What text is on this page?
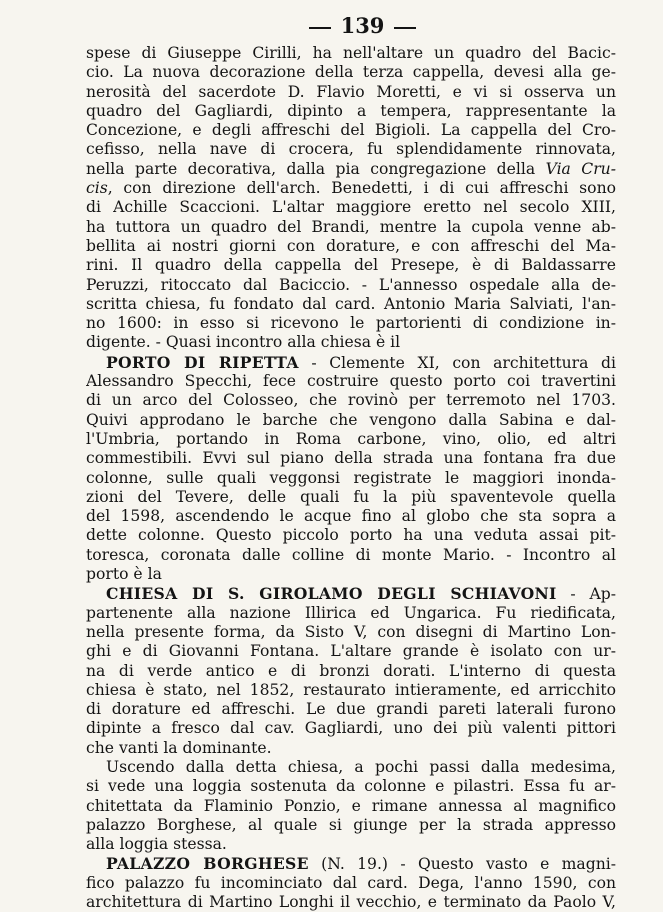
139
spese di Giuseppe Cirilli, ha nell'altare un quadro del Bacic-
cio. La nuova decorazione della terza cappella, devesi alla ge-
nerosità del sacerdote D. Flavio Moretti, e vi si osserva un
quadro del Gagliardi, dipinto a tempera, rappresentante la
Concezione, e degli affreschi del Bigioli. La cappella del Cro-
cefisso, nella nave di crocera, fu splendidamente rinnovata,
nella parte decorativa, dalla pia congregazione della Via Cru-
cis, con direzione dell'arch. Benedetti, i di cui affreschi sono
di Achille Scaccioni. L'altar maggiore eretto nel secolo XIII,
ha tuttora un quadro del Brandi, mentre la cupola venne ab-
bellita ai nostri giorni con dorature, e con affreschi del Ma-
rini. Il quadro della cappella del Presepe, è di Baldassarre
Peruzzi, ritoccato dal Baciccio. - L'annesso ospedale alla de-
scritta chiesa, fu fondato dal card. Antonio Maria Salviati, l'an-
no 1600: in esso si ricevono le partorienti di condizione in-
digente. - Quasi incontro alla chiesa è il
PORTO DI RIPETTA - Clemente XI, con architettura di
Alessandro Specchi, fece costruire questo porto coi travertini
di un arco del Colosseo, che rovinò per terremoto nel 1703.
Quivi approdano le barche che vengono dalla Sabina e dal-
l'Umbria, portando in Roma carbone, vino, olio, ed altri
commestibili. Evvi sul piano della strada una fontana fra due
colonne, sulle quali veggonsi registrate le maggiori inonda-
zioni del Tevere, delle quali fu la più spaventevole quella
del 1598, ascendendo le acque fino al globo che sta sopra a
dette colonne. Questo piccolo porto ha una veduta assai pit-
toresca, coronata dalle colline di monte Mario. - Incontro al
porto è la
CHIESA DI S. GIROLAMO DEGLI SCHIAVONI - Ap-
partenente alla nazione Illirica ed Ungarica. Fu riedificata,
nella presente forma, da Sisto V, con disegni di Martino Lon-
ghi e di Giovanni Fontana. L'altare grande è isolato con ur-
na di verde antico e di bronzi dorati. L'interno di questa
chiesa è stato, nel 1852, restaurato intieramente, ed arricchito
di dorature ed affreschi. Le due grandi pareti laterali furono
dipinte a fresco dal cav. Gagliardi, uno dei più valenti pittori
che vanti la dominante.
Uscendo dalla detta chiesa, a pochi passi dalla medesima,
si vede una loggia sostenuta da colonne e pilastri. Essa fu ar-
chitettata da Flaminio Ponzio, e rimane annessa al magnifico
palazzo Borghese, al quale si giunge per la strada appresso
alla loggia stessa.
PALAZZO BORGHESE (N. 19.) - Questo vasto e magni-
fico palazzo fu incominciato dal card. Dega, l'anno 1590, con
architettura di Martino Longhi il vecchio, e terminato da Paolo V,
